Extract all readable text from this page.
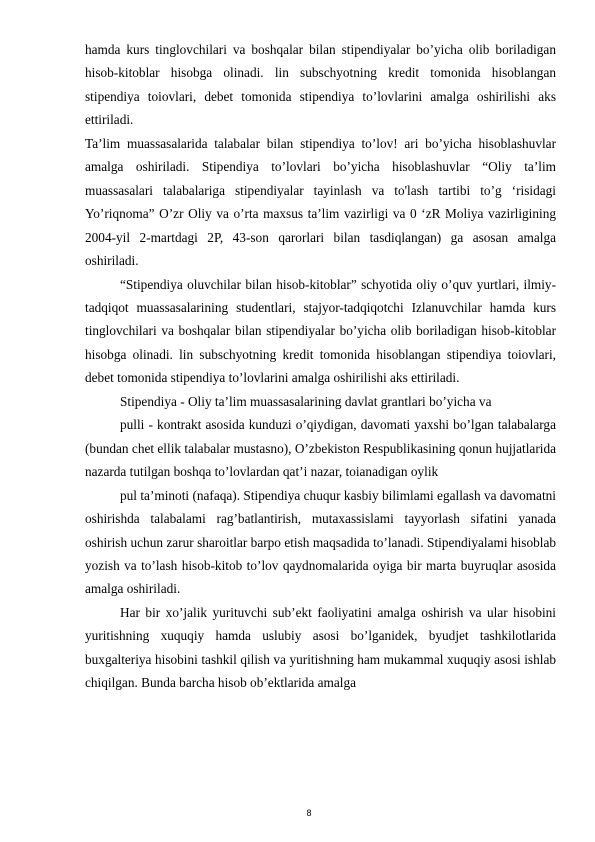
hamda kurs tinglovchilari va boshqalar bilan stipendiyalar bo’yicha olib boriladigan hisob-kitoblar hisobga olinadi. lin subschyotning kredit tomonida hisoblangan stipendiya toiovlari, debet tomonida stipendiya to’lovlarini amalga oshirilishi aks ettiriladi.

Ta’lim muassasalarida talabalar bilan stipendiya to’lov! ari bo’yicha hisoblashuvlar amalga oshiriladi. Stipendiya to’lovlari bo’yicha hisoblashuvlar “Oliy ta’lim muassasalari talabalariga stipendiyalar tayinlash va to'lash tartibi to’g ‘risidagi Yo’riqnoma” O’zr Oliy va o’rta maxsus ta’lim vazirligi va 0 ‘zR Moliya vazirligining 2004-yil 2-martdagi 2P, 43-son qarorlari bilan tasdiqlangan) ga asosan amalga oshiriladi.

“Stipendiya oluvchilar bilan hisob-kitoblar” schyotida oliy o’quv yurtlari, ilmiy-tadqiqot muassasalarining studentlari, stajyor-tadqiqotchi Izlanuvchilar hamda kurs tinglovchilari va boshqalar bilan stipendiyalar bo’yicha olib boriladigan hisob-kitoblar hisobga olinadi. lin subschyotning kredit tomonida hisoblangan stipendiya toiovlari, debet tomonida stipendiya to’lovlarini amalga oshirilishi aks ettiriladi.

Stipendiya - Oliy ta’lim muassasalarining davlat grantlari bo’yicha va

pulli - kontrakt asosida kunduzi o’qiydigan, davomati yaxshi bo’lgan talabalarga (bundan chet ellik talabalar mustasno), O’zbekiston Respublikasining qonun hujjatlarida nazarda tutilgan boshqa to’lovlardan qat’i nazar, toianadigan oylik

pul ta’minoti (nafaqa). Stipendiya chuqur kasbiy bilimlami egallash va davomatni oshirishda talabalami rag’batlantirish, mutaxassislami tayyorlash sifatini yanada oshirish uchun zarur sharoitlar barpo etish maqsadida to’lanadi. Stipendiyalami hisoblab yozish va to’lash hisob-kitob to’lov qaydnomalarida oyiga bir marta buyruqlar asosida amalga oshiriladi.

Har bir xo’jalik yurituvchi sub’ekt faoliyatini amalga oshirish va ular hisobini yuritishning xuquqiy hamda uslubiy asosi bo’lganidek, byudjet tashkilotlarida buxgalteriya hisobini tashkil qilish va yuritishning ham mukammal xuquqiy asosi ishlab chiqilgan. Bunda barcha hisob ob’ektlarida amalga

8
